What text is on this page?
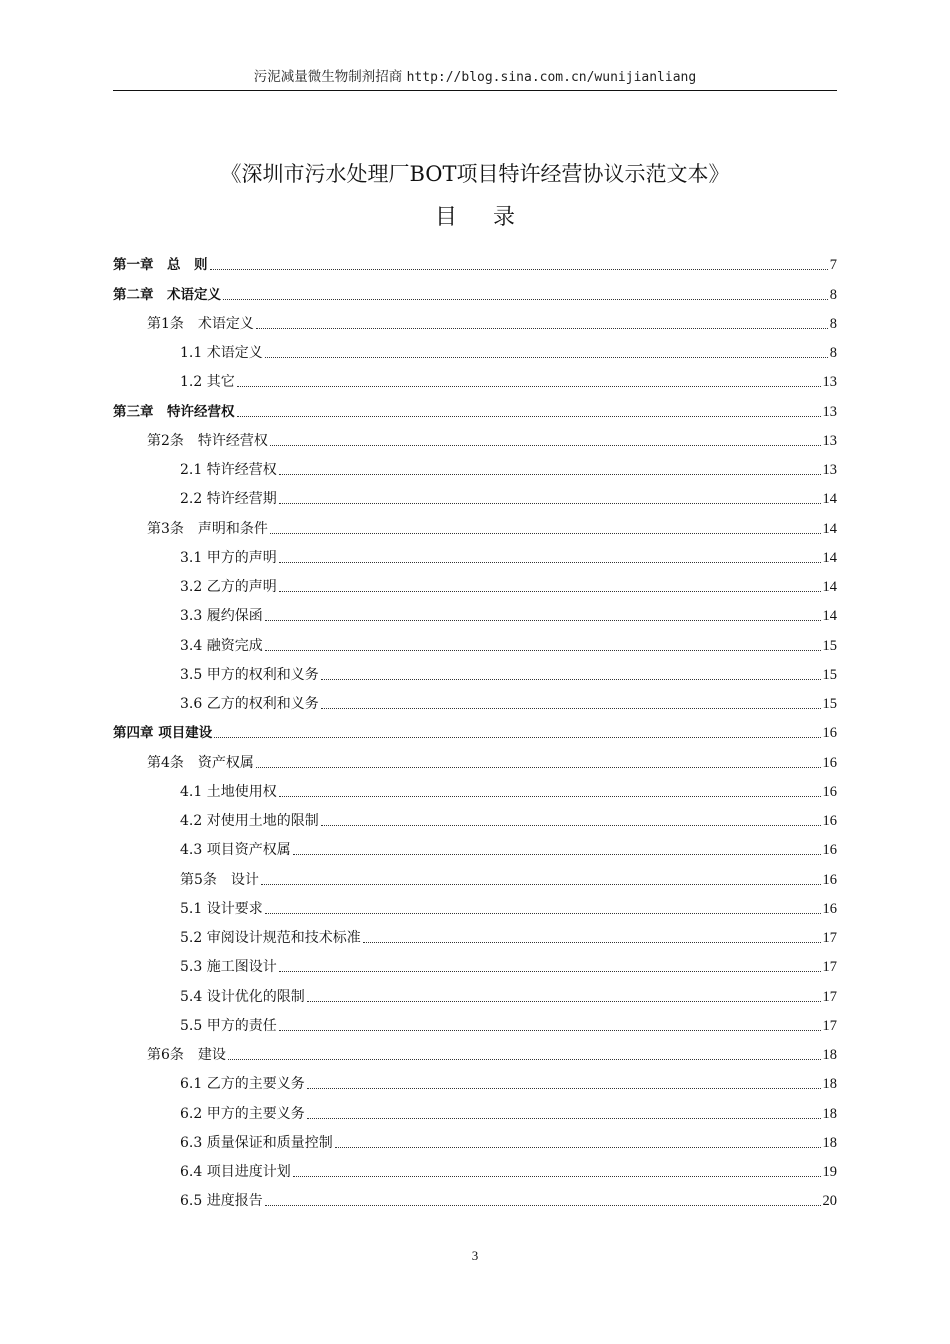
污泥减量微生物制剂招商 http://blog.sina.com.cn/wunijianliang
《深圳市污水处理厂BOT项目特许经营协议示范文本》
目录
第一章　总　则	7
第二章　术语定义	8
第1条　术语定义	8
1.1 术语定义	8
1.2 其它	13
第三章　特许经营权	13
第2条　特许经营权	13
2.1 特许经营权	13
2.2 特许经营期	14
第3条　声明和条件	14
3.1 甲方的声明	14
3.2 乙方的声明	14
3.3 履约保函	14
3.4 融资完成	15
3.5 甲方的权利和义务	15
3.6 乙方的权利和义务	15
第四章 项目建设	16
第4条　资产权属	16
4.1 土地使用权	16
4.2 对使用土地的限制	16
4.3 项目资产权属	16
第5条　设计	16
5.1 设计要求	16
5.2 审阅设计规范和技术标准	17
5.3 施工图设计	17
5.4 设计优化的限制	17
5.5 甲方的责任	17
第6条　建设	18
6.1 乙方的主要义务	18
6.2 甲方的主要义务	18
6.3 质量保证和质量控制	18
6.4 项目进度计划	19
6.5 进度报告	20
3
